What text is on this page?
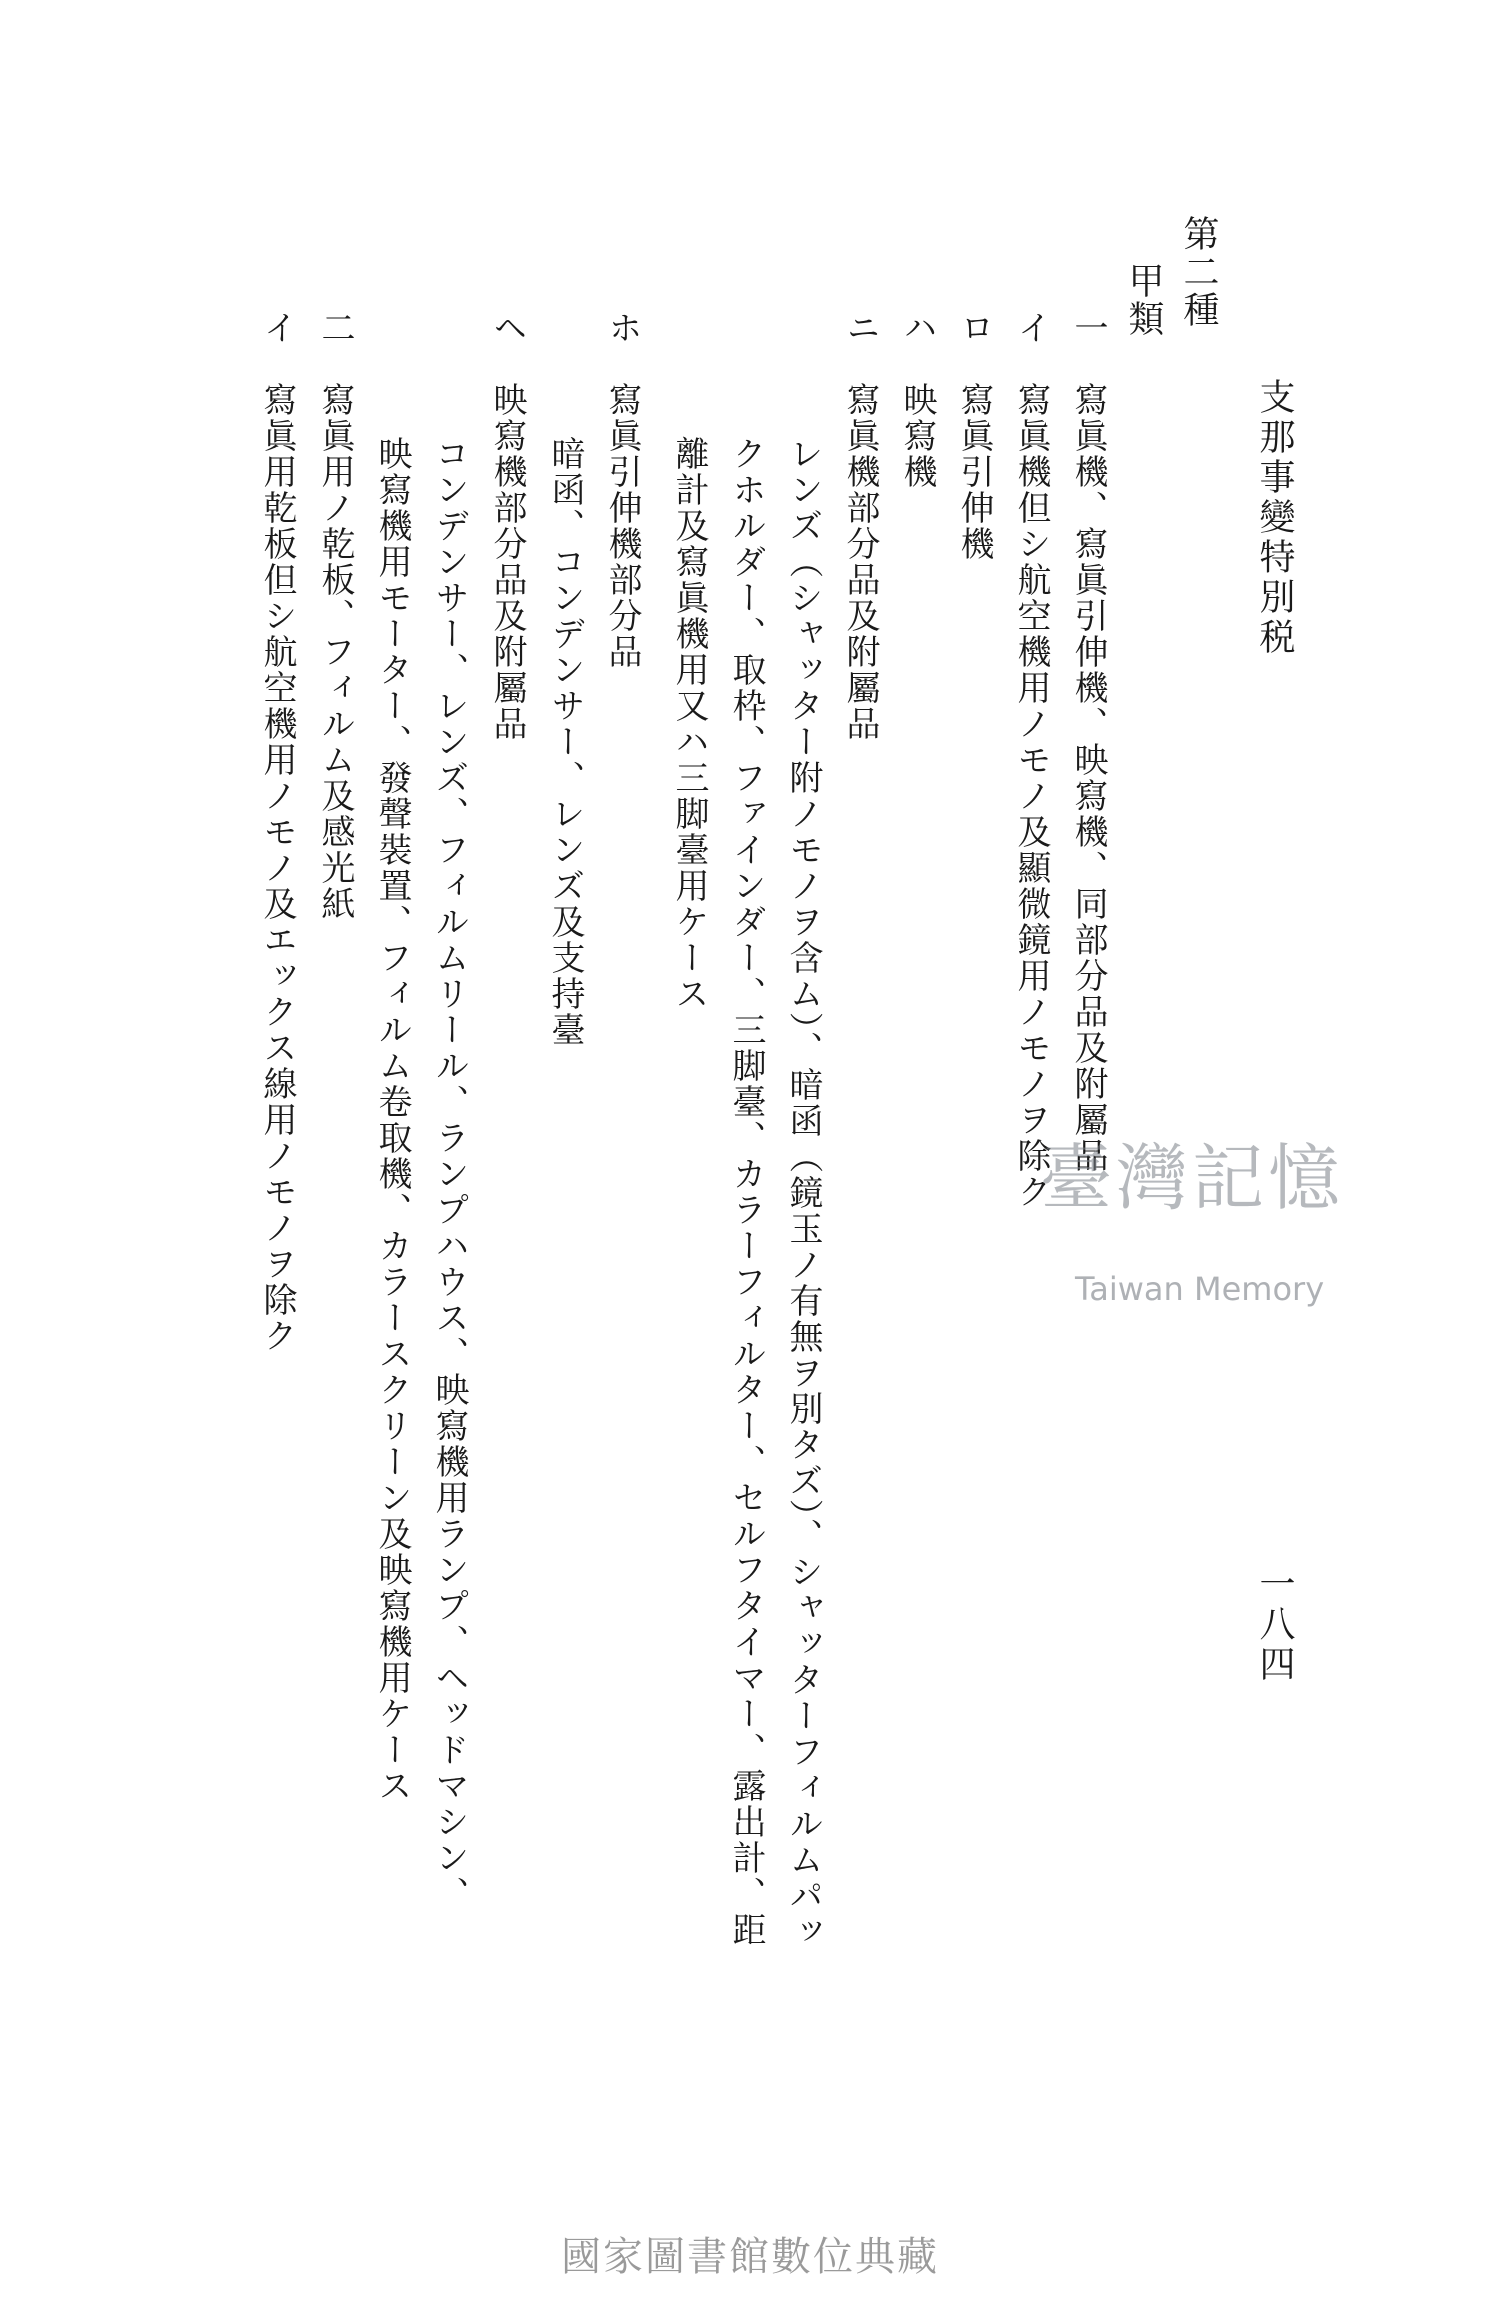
支那事變特別税
一八四
第二種
甲類
一　寫眞機、寫眞引伸機、映寫機、同部分品及附屬品
イ　寫眞機但シ航空機用ノモノ及顯微鏡用ノモノヲ除ク
ロ　寫眞引伸機
ハ　映寫機
ニ　寫眞機部分品及附屬品
レンズ（シャッター附ノモノヲ含ム）、暗函（鏡玉ノ有無ヲ別タズ）、シャッターフィルムパッ
クホルダー、取枠、ファインダー、三脚臺、カラーフィルター、セルフタイマー、露出計、距
離計及寫眞機用又ハ三脚臺用ケース
ホ　寫眞引伸機部分品
暗函、コンデンサー、レンズ及支持臺
ヘ　映寫機部分品及附屬品
コンデンサー、レンズ、フィルムリール、ランプハウス、映寫機用ランプ、ヘッドマシン、
映寫機用モーター、發聲裝置、フィルム卷取機、カラースクリーン及映寫機用ケース
二　寫眞用ノ乾板、フィルム及感光紙
イ　寫眞用乾板但シ航空機用ノモノ及エックス線用ノモノヲ除ク	臺灣記憶
Taiwan Memory
國家圖書館數位典藏
